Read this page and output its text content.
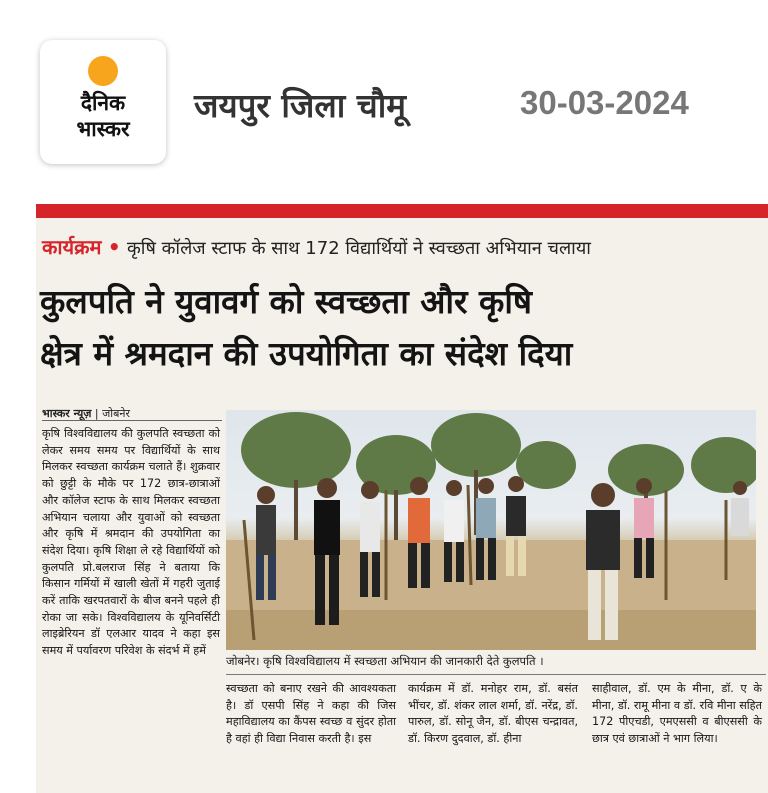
दैनिक
भास्कर
जयपुर जिला चौमू	30-03-2024
कार्यक्रम • कृषि कॉलेज स्टाफ के साथ 172 विद्यार्थियों ने स्वच्छता अभियान चलाया
कुलपति ने युवावर्ग को स्वच्छता और कृषि
क्षेत्र में श्रमदान की उपयोगिता का संदेश दिया
भास्कर न्यूज़ | जोबनेर
कृषि विश्वविद्यालय की कुलपति स्वच्छता को लेकर समय समय पर विद्यार्थियों के साथ मिलकर स्वच्छता कार्यक्रम चलाते हैं। शुक्रवार को छुट्टी के मौके पर 172 छात्र-छात्राओं और कॉलेज स्टाफ के साथ मिलकर स्वच्छता अभियान चलाया और युवाओं को स्वच्छता और कृषि में श्रमदान की उपयोगिता का संदेश दिया। कृषि शिक्षा ले रहे विद्यार्थियों को कुलपति प्रो.बलराज सिंह ने बताया कि किसान गर्मियों में खाली खेतों में गहरी जुताई करें ताकि खरपतवारों के बीज बनने पहले ही रोका जा सके। विश्वविद्यालय के यूनिवर्सिटी लाइब्रेरियन डॉ एलआर यादव ने कहा इस समय में पर्यावरण परिवेश के संदर्भ में हमें
जोबनेर। कृषि विश्वविद्यालय में स्वच्छता अभियान की जानकारी देते कुलपति ।
स्वच्छता को बनाए रखने की आवश्यकता है। डॉ एसपी सिंह ने कहा की जिस महाविद्यालय का कैंपस स्वच्छ व सुंदर होता है वहां ही विद्या निवास करती है। इस
कार्यक्रम में डॉ. मनोहर राम, डॉ. बसंत भींचर, डॉ. शंकर लाल शर्मा, डॉ. नरेंद्र, डॉ. पारुल, डॉ. सोनू जैन, डॉ. बीएस चन्द्रावत, डॉ. किरण दुदवाल, डॉ. हीना
साहीवाल, डॉ. एम के मीना, डॉ. ए के मीना, डॉ. रामू मीना व डॉ. रवि मीना सहित 172 पीएचडी, एमएससी व बीएससी के छात्र एवं छात्राओं ने भाग लिया।
